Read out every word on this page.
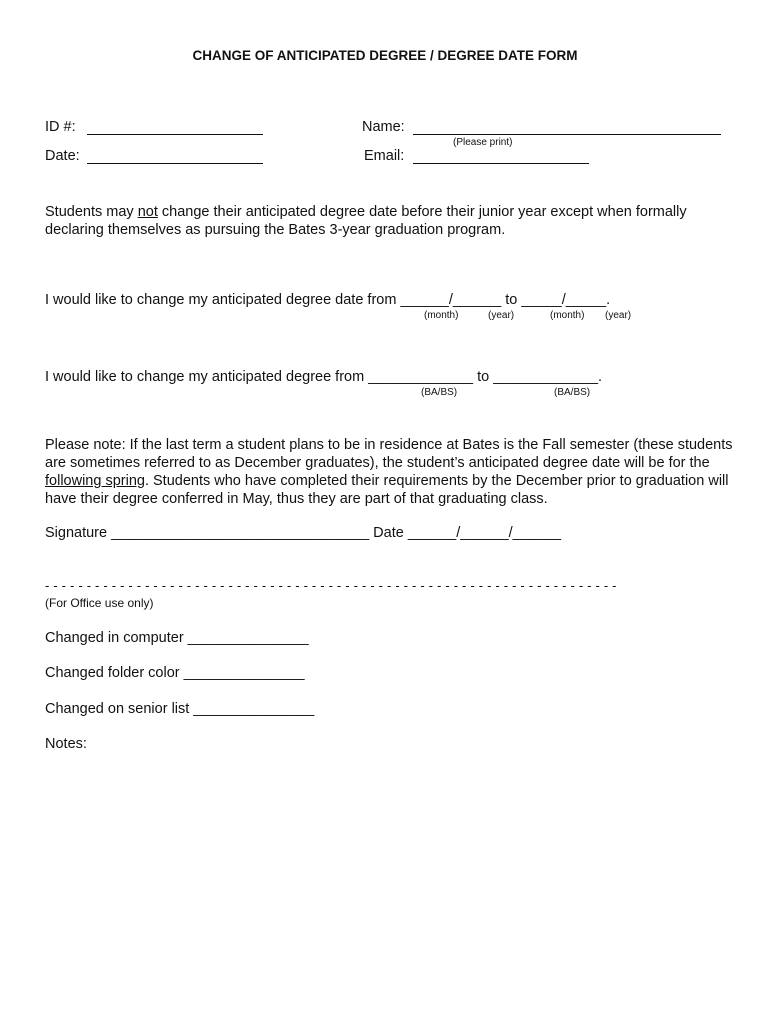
CHANGE OF ANTICIPATED DEGREE / DEGREE DATE FORM
ID #:	Name:
(Please print)
Date:	Email:
Students may not change their anticipated degree date before their junior year except when formally declaring themselves as pursuing the Bates 3-year graduation program.
I would like to change my anticipated degree date from ______/______ to _____/_____.
(month)	(year)	(month) (year)
I would like to change my anticipated degree from _____________ to _____________.
(BA/BS)	(BA/BS)
Please note: If the last term a student plans to be in residence at Bates is the Fall semester (these students are sometimes referred to as December graduates), the student’s anticipated degree date will be for the following spring. Students who have completed their requirements by the December prior to graduation will have their degree conferred in May, thus they are part of that graduating class.
Signature ________________________________ Date ______/______/______
- - - - - - - - - - - - - - - - - - - - - - - - - - - - - - - - - - - - - - - - - - - - - - - - - - - - - - - - - - - - - - - - - - - - -
(For Office use only)
Changed in computer _______________
Changed folder color _______________
Changed on senior list _______________
Notes:
